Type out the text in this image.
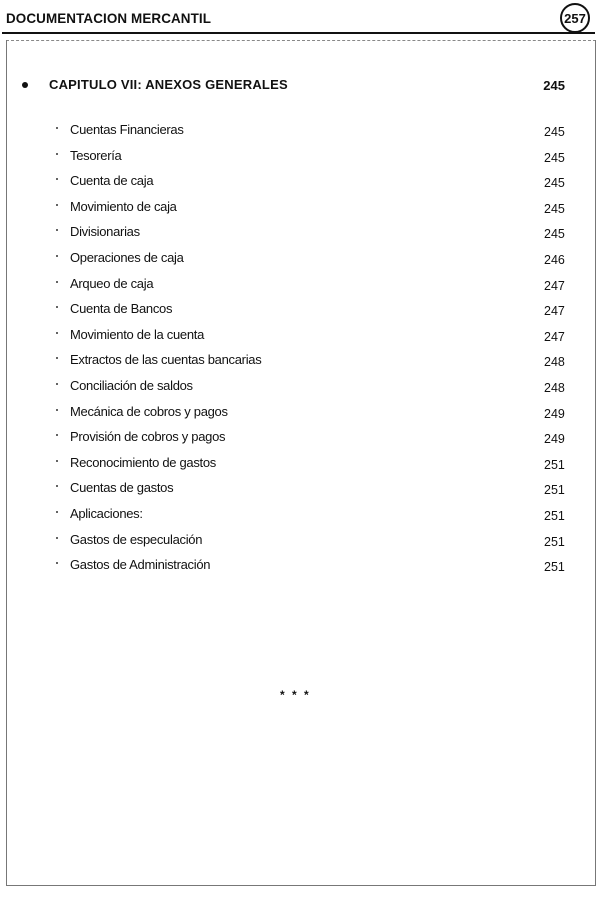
DOCUMENTACION MERCANTIL	257
CAPITULO VII: ANEXOS GENERALES	245
Cuentas Financieras	245
Tesorería	245
Cuenta de caja	245
Movimiento de caja	245
Divisionarias	245
Operaciones de caja	246
Arqueo de caja	247
Cuenta de Bancos	247
Movimiento de la cuenta	247
Extractos de las cuentas bancarias	248
Conciliación de saldos	248
Mecánica de cobros y pagos	249
Provisión de cobros y pagos	249
Reconocimiento de gastos	251
Cuentas de gastos	251
Aplicaciones:	251
Gastos de especulación	251
Gastos de Administración	251
* * *
